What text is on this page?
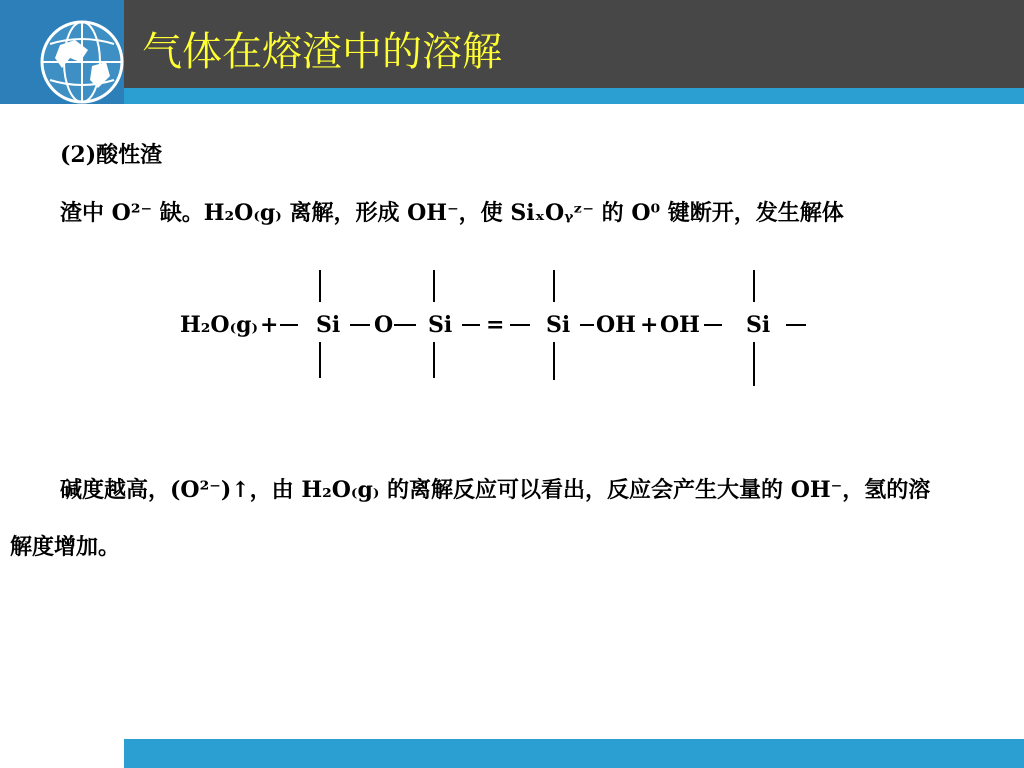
气体在熔渣中的溶解

(2)酸性渣

渣中 O²⁻ 缺。H₂O₍g₎ 离解，形成 OH⁻，使 SiₓOᵧᶻ⁻ 的 O⁰ 键断开，发生解体

H₂O₍g₎ + Si O Si = Si OH + OH Si

碱度越高，(O²⁻)↑，由 H₂O₍g₎ 的离解反应可以看出，反应会产生大量的 OH⁻，氢的溶

解度增加。
